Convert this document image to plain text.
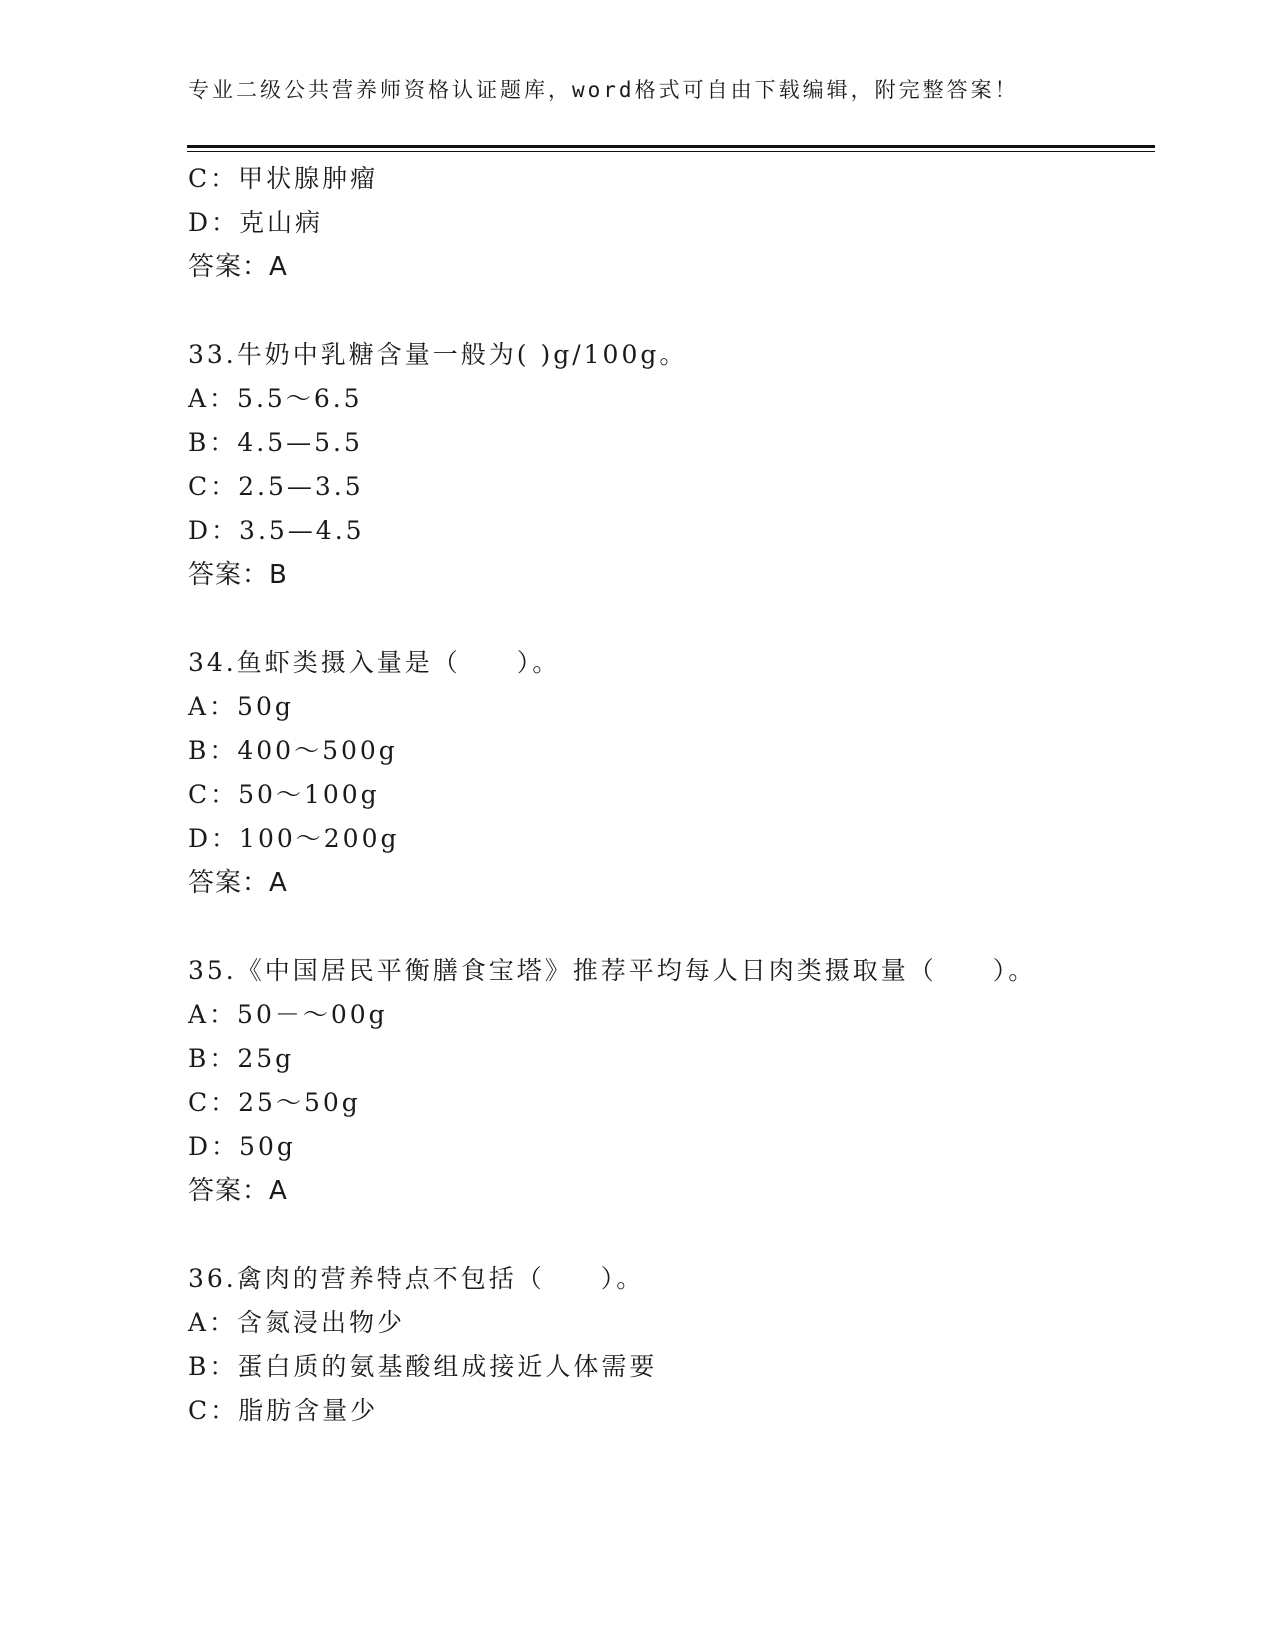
专业二级公共营养师资格认证题库，word格式可自由下载编辑，附完整答案！
C：甲状腺肿瘤
D：克山病
答案：A
33.牛奶中乳糖含量一般为( )g/100g。
A：5.5～6.5
B：4.5—5.5
C：2.5—3.5
D：3.5—4.5
答案：B
34.鱼虾类摄入量是（　　）。
A：50g
B：400～500g
C：50～100g
D：100～200g
答案：A
35.《中国居民平衡膳食宝塔》推荐平均每人日肉类摄取量（　　）。
A：50－～00g
B：25g
C：25～50g
D：50g
答案：A
36.禽肉的营养特点不包括（　　）。
A：含氮浸出物少
B：蛋白质的氨基酸组成接近人体需要
C：脂肪含量少
